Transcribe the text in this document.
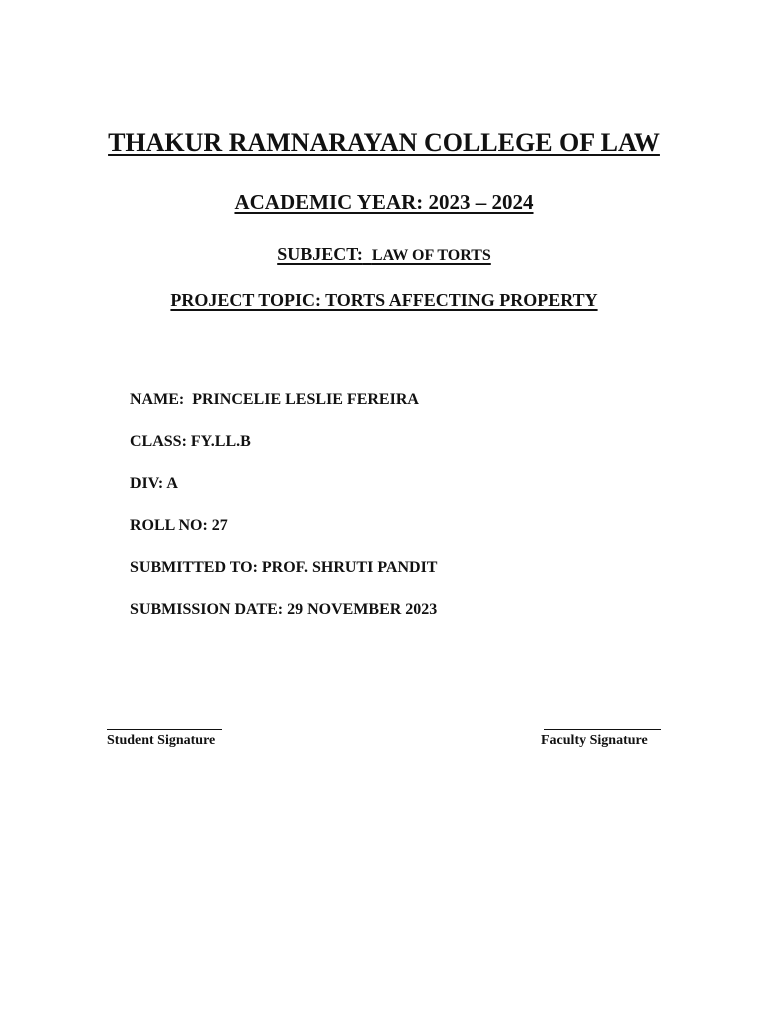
THAKUR RAMNARAYAN COLLEGE OF LAW
ACADEMIC YEAR: 2023 – 2024
SUBJECT: LAW OF TORTS
PROJECT TOPIC: TORTS AFFECTING PROPERTY
NAME:  PRINCELIE LESLIE FEREIRA
CLASS: FY.LL.B
DIV: A
ROLL NO: 27
SUBMITTED TO: PROF. SHRUTI PANDIT
SUBMISSION DATE: 29 NOVEMBER 2023
Student Signature	Faculty Signature
